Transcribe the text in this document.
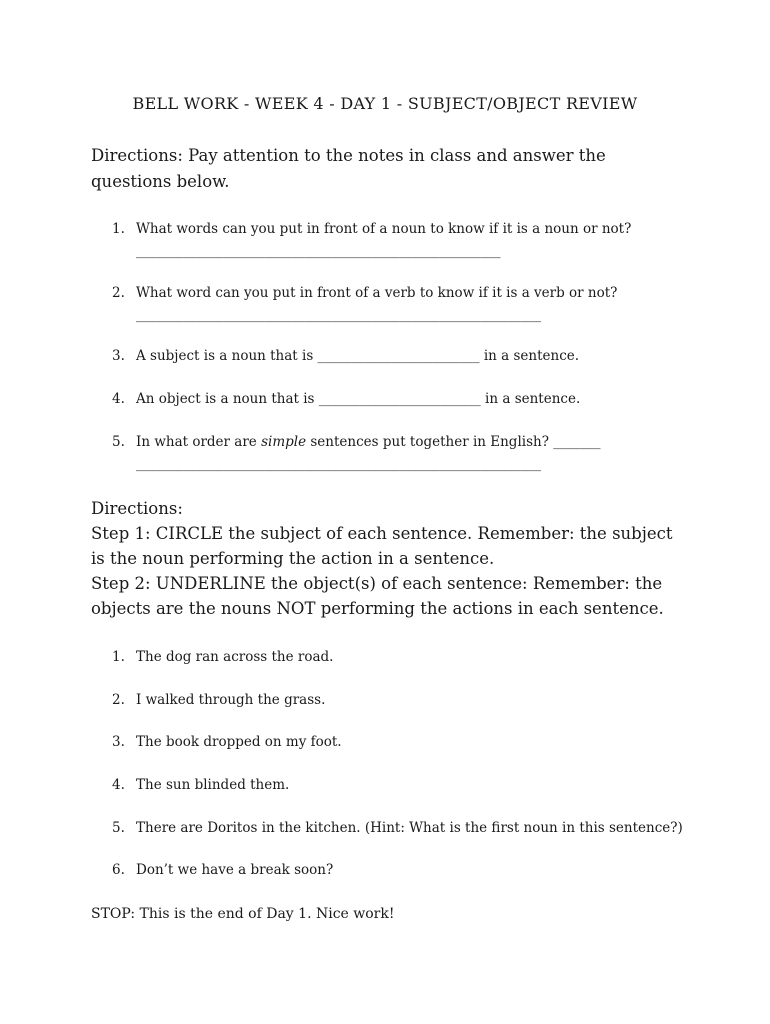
BELL WORK - WEEK 4 - DAY 1 - SUBJECT/OBJECT REVIEW
Directions: Pay attention to the notes in class and answer the questions below.
1. What words can you put in front of a noun to know if it is a noun or not?
______________________________________________________
2. What word can you put in front of a verb to know if it is a verb or not?
____________________________________________________________
3. A subject is a noun that is ________________________ in a sentence.
4. An object is a noun that is ________________________ in a sentence.
5. In what order are simple sentences put together in English? _______
____________________________________________________________
Directions:
Step 1: CIRCLE the subject of each sentence. Remember: the subject is the noun performing the action in a sentence.
Step 2: UNDERLINE the object(s) of each sentence: Remember: the objects are the nouns NOT performing the actions in each sentence.
1. The dog ran across the road.
2. I walked through the grass.
3. The book dropped on my foot.
4. The sun blinded them.
5. There are Doritos in the kitchen. (Hint: What is the first noun in this sentence?)
6. Don’t we have a break soon?
STOP: This is the end of Day 1. Nice work!
